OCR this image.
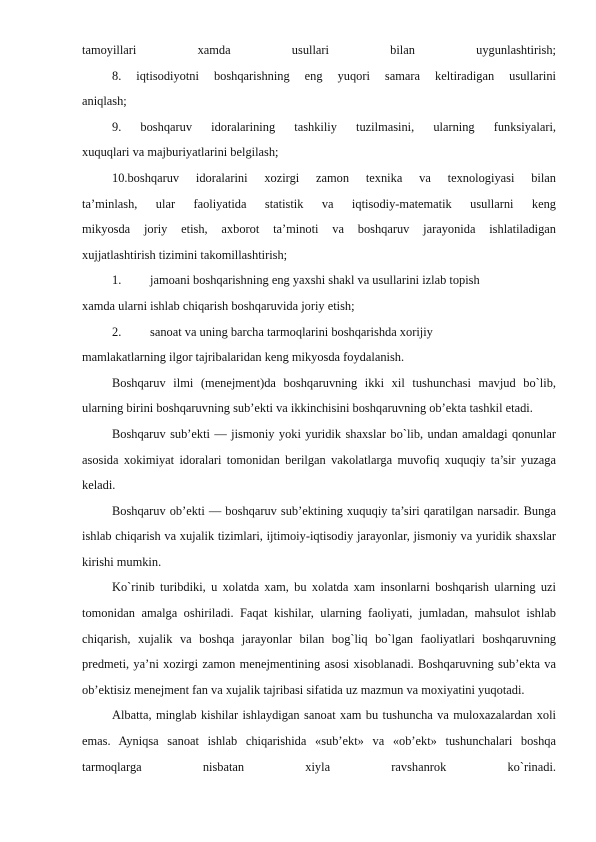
tamoyillari xamda usullari bilan uygunlashtirish;

8. iqtisodiyotni boshqarishning eng yuqori samara keltiradigan usullarini

aniqlash;

9. boshqaruv idoralarining tashkiliy tuzilmasini, ularning funksiyalari,

xuquqlari va majburiyatlarini belgilash;

10.boshqaruv idoralarini xozirgi zamon texnika va texnologiyasi bilan

ta’minlash, ular faoliyatida statistik va iqtisodiy-matematik usullarni keng

mikyosda joriy etish, axborot ta’minoti va boshqaruv jarayonida ishlatiladigan

xujjatlashtirish tizimini takomillashtirish;

1.	jamoani boshqarishning eng yaxshi shakl va usullarini izlab topish

xamda ularni ishlab chiqarish boshqaruvida joriy etish;

2.	sanoat va uning barcha tarmoqlarini boshqarishda xorijiy

mamlakatlarning ilgor tajribalaridan keng mikyosda foydalanish.

Boshqaruv ilmi (menejment)da boshqaruvning ikki xil tushunchasi mavjud bo`lib, ularning birini boshqaruvning sub’ekti va ikkinchisini boshqaruvning ob’ekta tashkil etadi.

Boshqaruv sub’ekti — jismoniy yoki yuridik shaxslar bo`lib, undan amaldagi qonunlar asosida xokimiyat idoralari tomonidan berilgan vakolatlarga muvofiq xuquqiy ta’sir yuzaga keladi.

Boshqaruv ob’ekti — boshqaruv sub’ektining xuquqiy ta’siri qaratilgan narsadir. Bunga ishlab chiqarish va xujalik tizimlari, ijtimoiy-iqtisodiy jarayonlar, jismoniy va yuridik shaxslar kirishi mumkin.

Ko`rinib turibdiki, u xolatda xam, bu xolatda xam insonlarni boshqarish ularning uzi tomonidan amalga oshiriladi. Faqat kishilar, ularning faoliyati, jumladan, mahsulot ishlab chiqarish, xujalik va boshqa jarayonlar bilan bog`liq bo`lgan faoliyatlari boshqaruvning predmeti, ya’ni xozirgi zamon menejmentining asosi xisoblanadi. Boshqaruvning sub’ekta va ob’ektisiz menejment fan va xujalik tajribasi sifatida uz mazmun va moxiyatini yuqotadi.

Albatta, minglab kishilar ishlaydigan sanoat xam bu tushuncha va muloxazalardan xoli emas. Ayniqsa sanoat ishlab chiqarishida «sub’ekt» va «ob’ekt» tushunchalari boshqa tarmoqlarga nisbatan xiyla ravshanrok ko`rinadi.
